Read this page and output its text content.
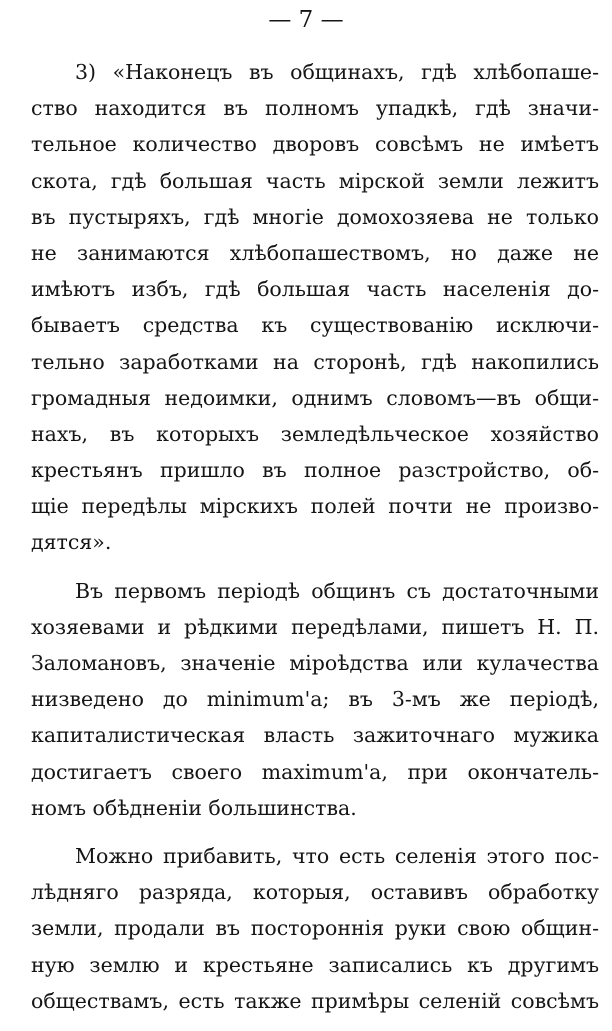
— 7 —
3) «Наконецъ въ общинахъ, гдѣ хлѣбопаше-
ство находится въ полномъ упадкѣ, гдѣ значи-
тельное количество дворовъ совсѣмъ не имѣетъ
скота, гдѣ большая часть мірской земли лежитъ
въ пустыряхъ, гдѣ многіе домохозяева не только
не занимаются хлѣбопашествомъ, но даже не
имѣютъ избъ, гдѣ большая часть населенія до-
бываетъ средства къ существованію исключи-
тельно заработками на сторонѣ, гдѣ накопились
громадныя недоимки, однимъ словомъ—въ общи-
нахъ, въ которыхъ земледѣльческое хозяйство
крестьянъ пришло въ полное разстройство, об-
щіе передѣлы мірскихъ полей почти не произво-
дятся».
Въ первомъ періодѣ общинъ съ достаточными
хозяевами и рѣдкими передѣлами, пишетъ Н. П.
Заломановъ, значеніе міроѣдства или кулачества
низведено до minimum'а; въ 3-мъ же періодѣ,
капиталистическая власть зажиточнаго мужика
достигаетъ своего maximum'а, при окончатель-
номъ обѣдненіи большинства.
Можно прибавить, что есть селенія этого пос-
лѣдняго разряда, которыя, оставивъ обработку
земли, продали въ постороннія руки свою общин-
ную землю и крестьяне записались къ другимъ
обществамъ, есть также примѣры селеній совсѣмъ
